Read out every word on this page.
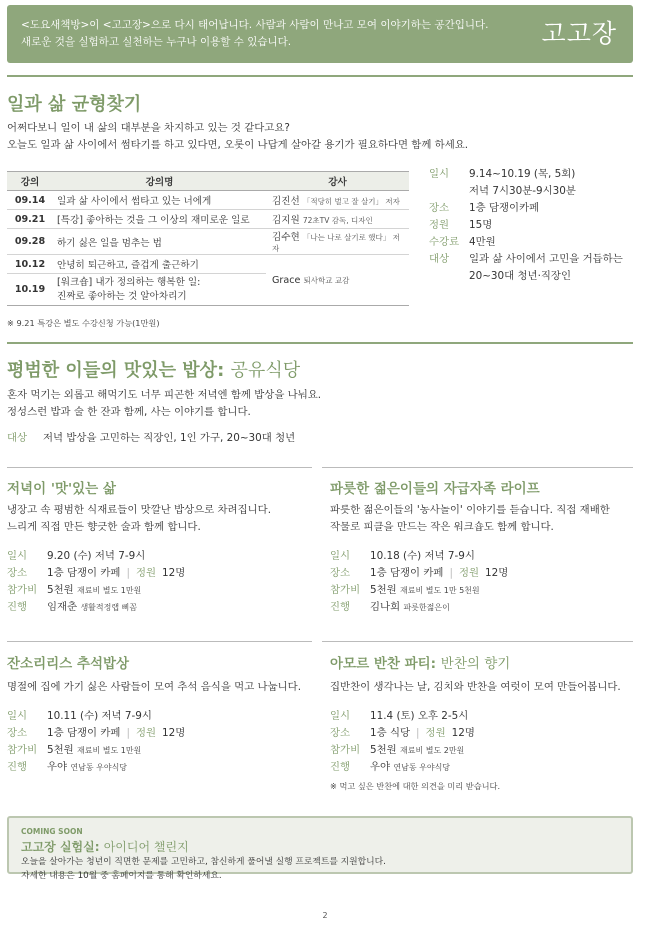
<도요새책방>이 <고고장>으로 다시 태어납니다. 사람과 사람이 만나고 모여 이야기하는 공간입니다.
새로운 것을 실험하고 실천하는 누구나 이용할 수 있습니다.	고고장
일과 삶 균형찾기
어쩌다보니 일이 내 삶의 대부분을 차지하고 있는 것 같다고요?
오늘도 일과 삶 사이에서 썸타기를 하고 있다면, 오롯이 나답게 살아갈 용기가 필요하다면 함께 하세요.
강의	강의명	강사
09.14	일과 삶 사이에서 썸타고 있는 너에게	김진선 「적당히 벌고 잘 살기」 저자
09.21	[특강] 좋아하는 것을 그 이상의 재미로운 일로	김지원 72초TV 감독, 디자인
09.28	하기 싫은 일을 멈추는 법	김수현 「나는 나로 살기로 했다」 저자
10.12	안녕히 퇴근하고, 즐겁게 출근하기	Grace 퇴사학교 교감
10.19	[워크숍] 내가 정의하는 행복한 일:
진짜로 좋아하는 것 알아차리기	
※ 9.21 특강은 별도 수강신청 가능(1만원)
일시	9.14~10.19 (목, 5회)
저녁 7시30분-9시30분
장소	1층 담쟁이카페
정원	15명
수강료 4만원
대상	일과 삶 사이에서 고민을 거듭하는
20~30대 청년·직장인
평범한 이들의 맛있는 밥상: 공유식당
혼자 먹기는 외롭고 해먹기도 너무 피곤한 저녁엔 함께 밥상을 나눠요.
정성스런 밥과 술 한 잔과 함께, 사는 이야기를 합니다.
대상 저녁 밥상을 고민하는 직장인, 1인 가구, 20~30대 청년
저녁이 '맛'있는 삶
냉장고 속 평범한 식재료들이 맛깔난 밥상으로 차려집니다.
느리게 직접 만든 향긋한 술과 함께 합니다.
일시	9.20 (수) 저녁 7-9시
장소	1층 담쟁이 카페 | 정원 12명
참가비 5천원 재료비 별도 1만원
진행	임재춘 생활적정랩 삐꼼
파릇한 젊은이들의 자급자족 라이프
파릇한 젊은이들의 '농사놀이' 이야기를 듣습니다. 직접 재배한
작물로 피클을 만드는 작은 워크숍도 함께 합니다.
일시	10.18 (수) 저녁 7-9시
장소	1층 담쟁이 카페 | 정원 12명
참가비 5천원 재료비 별도 1만 5천원
진행	김나희 파릇한젊은이
잔소리리스 추석밥상
명절에 집에 가기 싫은 사람들이 모여 추석 음식을 먹고 나눕니다.
일시	10.11 (수) 저녁 7-9시
장소	1층 담쟁이 카페 | 정원 12명
참가비 5천원 재료비 별도 1만원
진행	우야 연남동 우야식당
아모르 반찬 파티: 반찬의 향기
집반찬이 생각나는 날, 김치와 반찬을 여럿이 모여 만들어봅니다.
일시	11.4 (토) 오후 2-5시
장소	1층 식당 | 정원 12명
참가비 5천원 재료비 별도 2만원
진행	우야 연남동 우야식당
※ 먹고 싶은 반찬에 대한 의견을 미리 받습니다.
COMING SOON
고고장 실험실: 아이디어 챌린지
오늘을 살아가는 청년이 직면한 문제를 고민하고, 참신하게 풀어낼 실행 프로젝트를 지원합니다.
자세한 내용은 10월 중 홈페이지를 통해 확인하세요.
2
